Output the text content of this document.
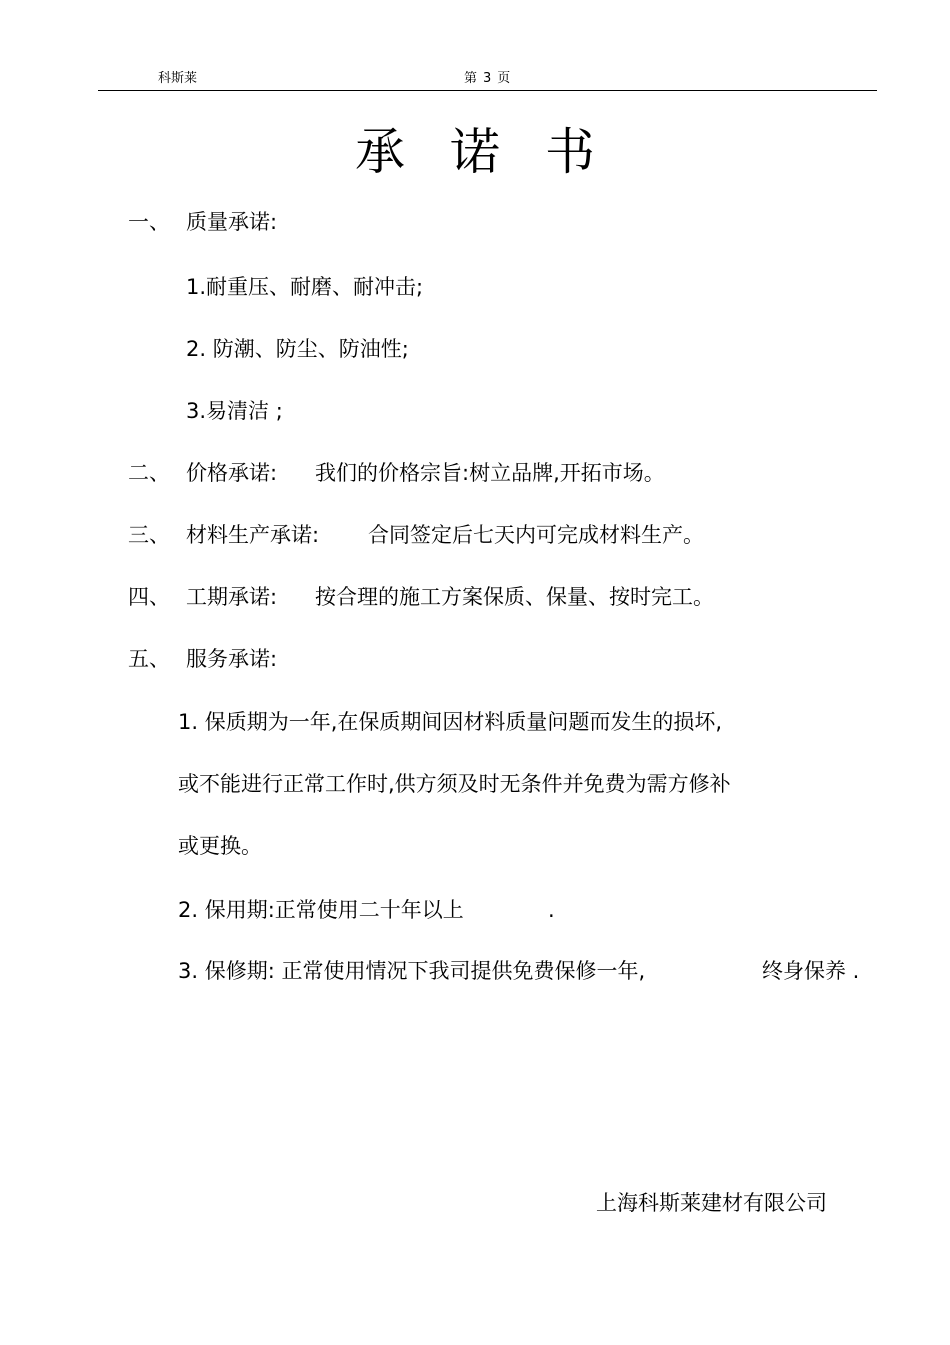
科斯莱	第 3 页
承诺书
一、 质量承诺:
1.耐重压、耐磨、耐冲击;
2. 防潮、防尘、防油性;
3.易清洁 ;
二、 价格承诺: 我们的价格宗旨:树立品牌,开拓市场。
三、 材料生产承诺: 合同签定后七天内可完成材料生产。
四、 工期承诺: 按合理的施工方案保质、保量、按时完工。
五、 服务承诺:
1. 保质期为一年,在保质期间因材料质量问题而发生的损坏,
或不能进行正常工作时,供方须及时无条件并免费为需方修补
或更换。
2. 保用期:正常使用二十年以上	.
3. 保修期: 正常使用情况下我司提供免费保修一年,	终身保养 .
上海科斯莱建材有限公司
